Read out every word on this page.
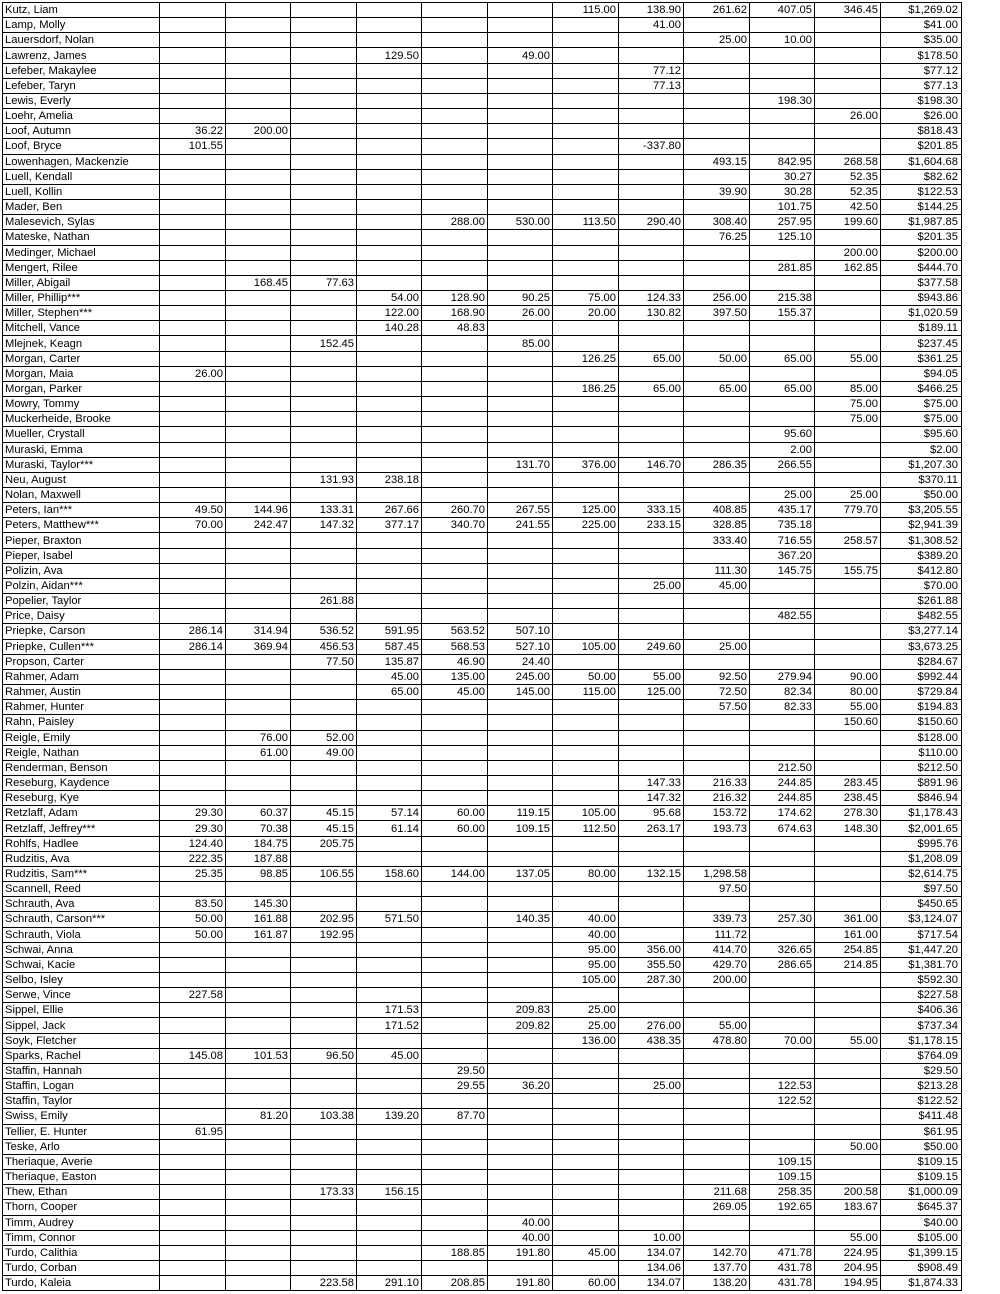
Kutz, Liam							115.00	138.90	261.62	407.05	346.45	$1,269.02
Lamp, Molly								41.00				$41.00
Lauersdorf, Nolan									25.00	10.00		$35.00
Lawrenz, James				129.50		49.00						$178.50
Lefeber, Makaylee								77.12				$77.12
Lefeber, Taryn								77.13				$77.13
Lewis, Everly										198.30		$198.30
Loehr, Amelia											26.00	$26.00
Loof, Autumn	36.22	200.00										$818.43
Loof, Bryce	101.55							-337.80				$201.85
Lowenhagen, Mackenzie									493.15	842.95	268.58	$1,604.68
Luell, Kendall										30.27	52.35	$82.62
Luell, Kollin									39.90	30.28	52.35	$122.53
Mader, Ben										101.75	42.50	$144.25
Malesevich, Sylas					288.00	530.00	113.50	290.40	308.40	257.95	199.60	$1,987.85
Mateske, Nathan									76.25	125.10		$201.35
Medinger, Michael											200.00	$200.00
Mengert, Rilee										281.85	162.85	$444.70
Miller, Abigail		168.45	77.63									$377.58
Miller, Phillip***				54.00	128.90	90.25	75.00	124.33	256.00	215.38		$943.86
Miller, Stephen***				122.00	168.90	26.00	20.00	130.82	397.50	155.37		$1,020.59
Mitchell, Vance				140.28	48.83							$189.11
Mlejnek, Keagn			152.45			85.00						$237.45
Morgan, Carter							126.25	65.00	50.00	65.00	55.00	$361.25
Morgan, Maia	26.00											$94.05
Morgan, Parker							186.25	65.00	65.00	65.00	85.00	$466.25
Mowry, Tommy											75.00	$75.00
Muckerheide, Brooke											75.00	$75.00
Mueller, Crystall										95.60		$95.60
Muraski, Emma										2.00		$2.00
Muraski, Taylor***						131.70	376.00	146.70	286.35	266.55		$1,207.30
Neu, August			131.93	238.18								$370.11
Nolan, Maxwell										25.00	25.00	$50.00
Peters, Ian***	49.50	144.96	133.31	267.66	260.70	267.55	125.00	333.15	408.85	435.17	779.70	$3,205.55
Peters, Matthew***	70.00	242.47	147.32	377.17	340.70	241.55	225.00	233.15	328.85	735.18		$2,941.39
Pieper, Braxton									333.40	716.55	258.57	$1,308.52
Pieper, Isabel										367.20		$389.20
Polizin, Ava									111.30	145.75	155.75	$412.80
Polzin, Aidan***								25.00	45.00			$70.00
Popelier, Taylor			261.88									$261.88
Price, Daisy										482.55		$482.55
Priepke, Carson	286.14	314.94	536.52	591.95	563.52	507.10						$3,277.14
Priepke, Cullen***	286.14	369.94	456.53	587.45	568.53	527.10	105.00	249.60	25.00			$3,673.25
Propson, Carter			77.50	135.87	46.90	24.40						$284.67
Rahmer, Adam				45.00	135.00	245.00	50.00	55.00	92.50	279.94	90.00	$992.44
Rahmer, Austin				65.00	45.00	145.00	115.00	125.00	72.50	82.34	80.00	$729.84
Rahmer, Hunter									57.50	82.33	55.00	$194.83
Rahn, Paisley											150.60	$150.60
Reigle, Emily		76.00	52.00									$128.00
Reigle, Nathan		61.00	49.00									$110.00
Renderman, Benson										212.50		$212.50
Reseburg, Kaydence								147.33	216.33	244.85	283.45	$891.96
Reseburg, Kye								147.32	216.32	244.85	238.45	$846.94
Retzlaff, Adam	29.30	60.37	45.15	57.14	60.00	119.15	105.00	95.68	153.72	174.62	278.30	$1,178.43
Retzlaff, Jeffrey***	29.30	70.38	45.15	61.14	60.00	109.15	112.50	263.17	193.73	674.63	148.30	$2,001.65
Rohlfs, Hadlee	124.40	184.75	205.75									$995.76
Rudzitis, Ava	222.35	187.88										$1,208.09
Rudzitis, Sam***	25.35	98.85	106.55	158.60	144.00	137.05	80.00	132.15	1,298.58			$2,614.75
Scannell, Reed									97.50			$97.50
Schrauth, Ava	83.50	145.30										$450.65
Schrauth, Carson***	50.00	161.88	202.95	571.50		140.35	40.00		339.73	257.30	361.00	$3,124.07
Schrauth, Viola	50.00	161.87	192.95				40.00		111.72		161.00	$717.54
Schwai, Anna							95.00	356.00	414.70	326.65	254.85	$1,447.20
Schwai, Kacie							95.00	355.50	429.70	286.65	214.85	$1,381.70
Selbo, Isley							105.00	287.30	200.00			$592.30
Serwe, Vince	227.58											$227.58
Sippel, Ellie				171.53		209.83	25.00					$406.36
Sippel, Jack				171.52		209.82	25.00	276.00	55.00			$737.34
Soyk, Fletcher							136.00	438.35	478.80	70.00	55.00	$1,178.15
Sparks, Rachel	145.08	101.53	96.50	45.00								$764.09
Staffin, Hannah					29.50							$29.50
Staffin, Logan					29.55	36.20		25.00		122.53		$213.28
Staffin, Taylor										122.52		$122.52
Swiss, Emily		81.20	103.38	139.20	87.70							$411.48
Tellier, E. Hunter	61.95											$61.95
Teske, Arlo											50.00	$50.00
Theriaque, Averie										109.15		$109.15
Theriaque, Easton										109.15		$109.15
Thew, Ethan			173.33	156.15					211.68	258.35	200.58	$1,000.09
Thorn, Cooper									269.05	192.65	183.67	$645.37
Timm, Audrey						40.00						$40.00
Timm, Connor						40.00		10.00			55.00	$105.00
Turdo, Calithia					188.85	191.80	45.00	134.07	142.70	471.78	224.95	$1,399.15
Turdo, Corban								134.06	137.70	431.78	204.95	$908.49
Turdo, Kaleia			223.58	291.10	208.85	191.80	60.00	134.07	138.20	431.78	194.95	$1,874.33
